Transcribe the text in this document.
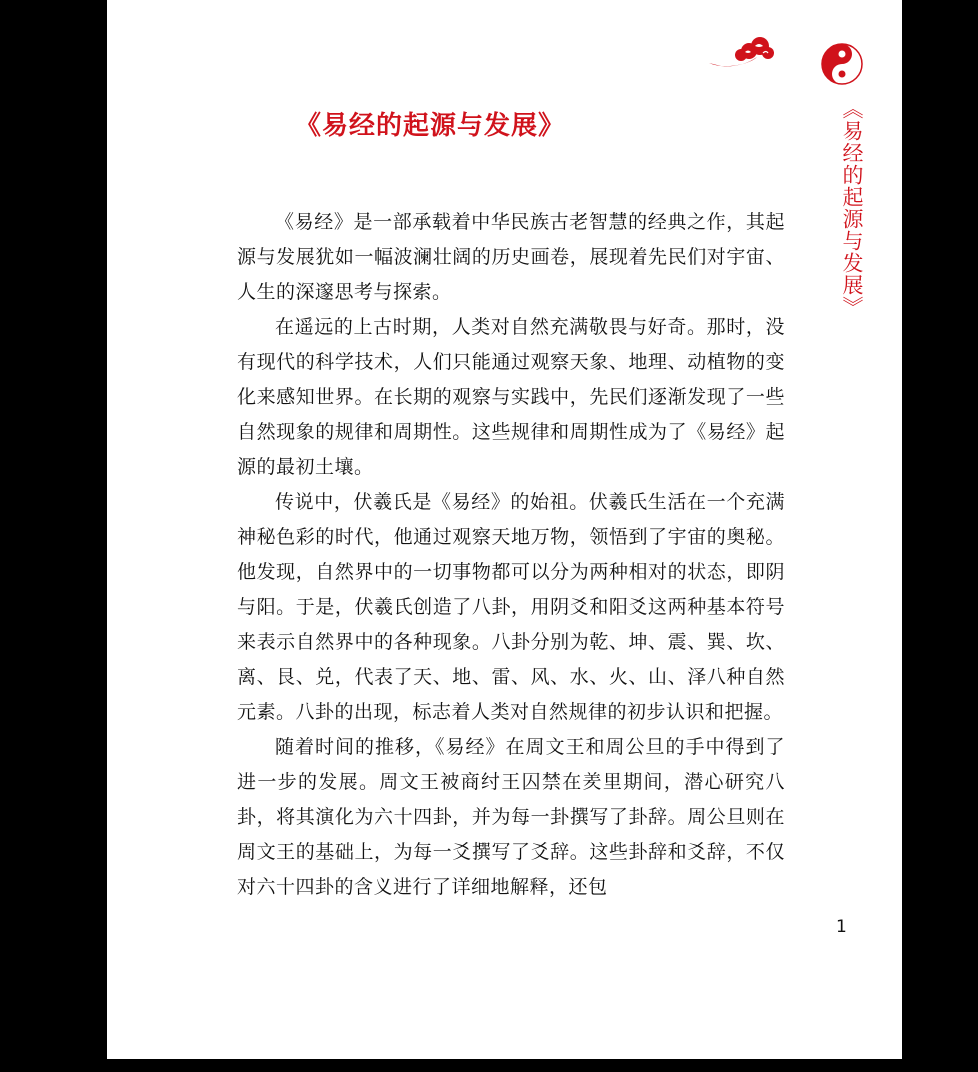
《易经的起源与发展》	《易经的起源与发展》

《易经》是一部承载着中华民族古老智慧的经典之作，其起源与发展犹如一幅波澜壮阔的历史画卷，展现着先民们对宇宙、人生的深邃思考与探索。

在遥远的上古时期，人类对自然充满敬畏与好奇。那时，没有现代的科学技术，人们只能通过观察天象、地理、动植物的变化来感知世界。在长期的观察与实践中，先民们逐渐发现了一些自然现象的规律和周期性。这些规律和周期性成为了《易经》起源的最初土壤。

传说中，伏羲氏是《易经》的始祖。伏羲氏生活在一个充满神秘色彩的时代，他通过观察天地万物，领悟到了宇宙的奥秘。他发现，自然界中的一切事物都可以分为两种相对的状态，即阴与阳。于是，伏羲氏创造了八卦，用阴爻和阳爻这两种基本符号来表示自然界中的各种现象。八卦分别为乾、坤、震、巽、坎、离、艮、兑，代表了天、地、雷、风、水、火、山、泽八种自然元素。八卦的出现，标志着人类对自然规律的初步认识和把握。

随着时间的推移，《易经》在周文王和周公旦的手中得到了进一步的发展。周文王被商纣王囚禁在羑里期间，潜心研究八卦，将其演化为六十四卦，并为每一卦撰写了卦辞。周公旦则在周文王的基础上，为每一爻撰写了爻辞。这些卦辞和爻辞，不仅对六十四卦的含义进行了详细地解释，还包

1
